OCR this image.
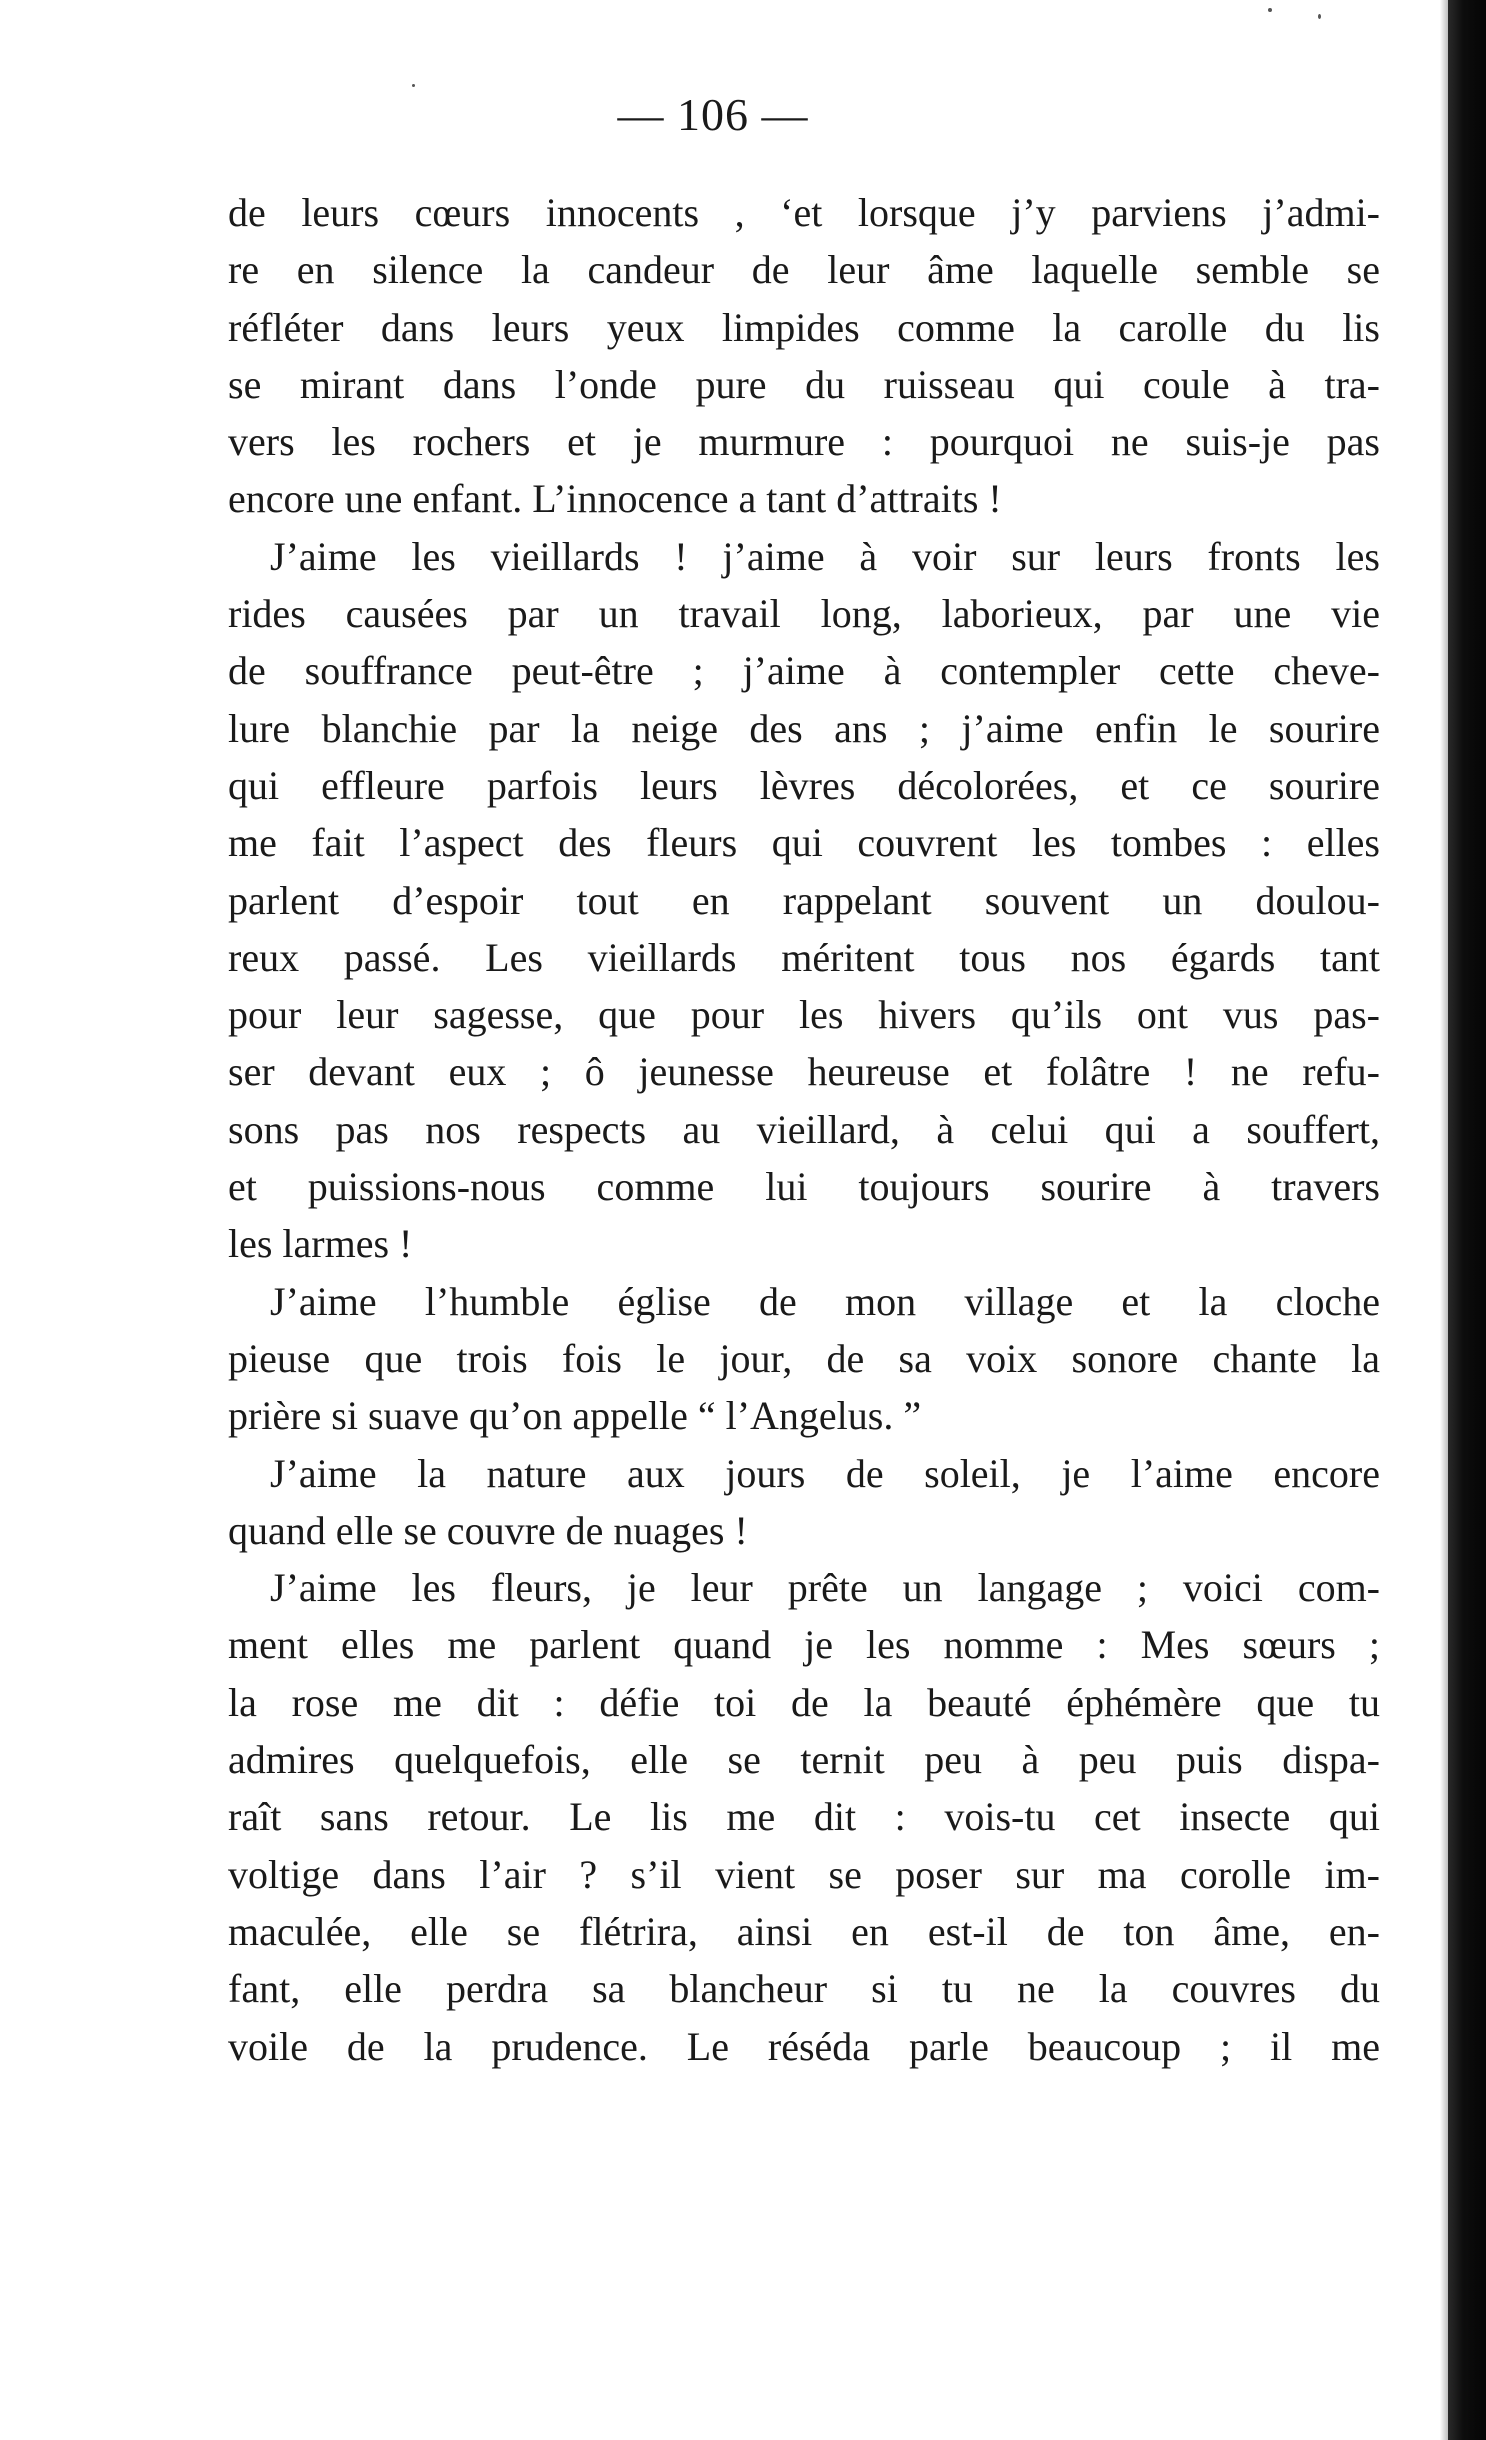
— 106 —
de leurs cœurs innocents , ‘et lorsque j’y parviens j’admi-
re en silence la candeur de leur âme laquelle semble se
réfléter dans leurs yeux limpides comme la carolle du lis
se mirant dans l’onde pure du ruisseau qui coule à tra-
vers les rochers et je murmure : pourquoi ne suis-je pas
encore une enfant. L’innocence a tant d’attraits !
J’aime les vieillards ! j’aime à voir sur leurs fronts les
rides causées par un travail long, laborieux, par une vie
de souffrance peut-être ; j’aime à contempler cette cheve-
lure blanchie par la neige des ans ; j’aime enfin le sourire
qui effleure parfois leurs lèvres décolorées, et ce sourire
me fait l’aspect des fleurs qui couvrent les tombes : elles
parlent d’espoir tout en rappelant souvent un doulou-
reux passé. Les vieillards méritent tous nos égards tant
pour leur sagesse, que pour les hivers qu’ils ont vus pas-
ser devant eux ; ô jeunesse heureuse et folâtre ! ne refu-
sons pas nos respects au vieillard, à celui qui a souffert,
et puissions-nous comme lui toujours sourire à travers
les larmes !
J’aime l’humble église de mon village et la cloche
pieuse que trois fois le jour, de sa voix sonore chante la
prière si suave qu’on appelle “ l’Angelus. ”
J’aime la nature aux jours de soleil, je l’aime encore
quand elle se couvre de nuages !
J’aime les fleurs, je leur prête un langage ; voici com-
ment elles me parlent quand je les nomme : Mes sœurs ;
la rose me dit : défie toi de la beauté éphémère que tu
admires quelquefois, elle se ternit peu à peu puis dispa-
raît sans retour. Le lis me dit : vois-tu cet insecte qui
voltige dans l’air ? s’il vient se poser sur ma corolle im-
maculée, elle se flétrira, ainsi en est-il de ton âme, en-
fant, elle perdra sa blancheur si tu ne la couvres du
voile de la prudence. Le réséda parle beaucoup ; il me
